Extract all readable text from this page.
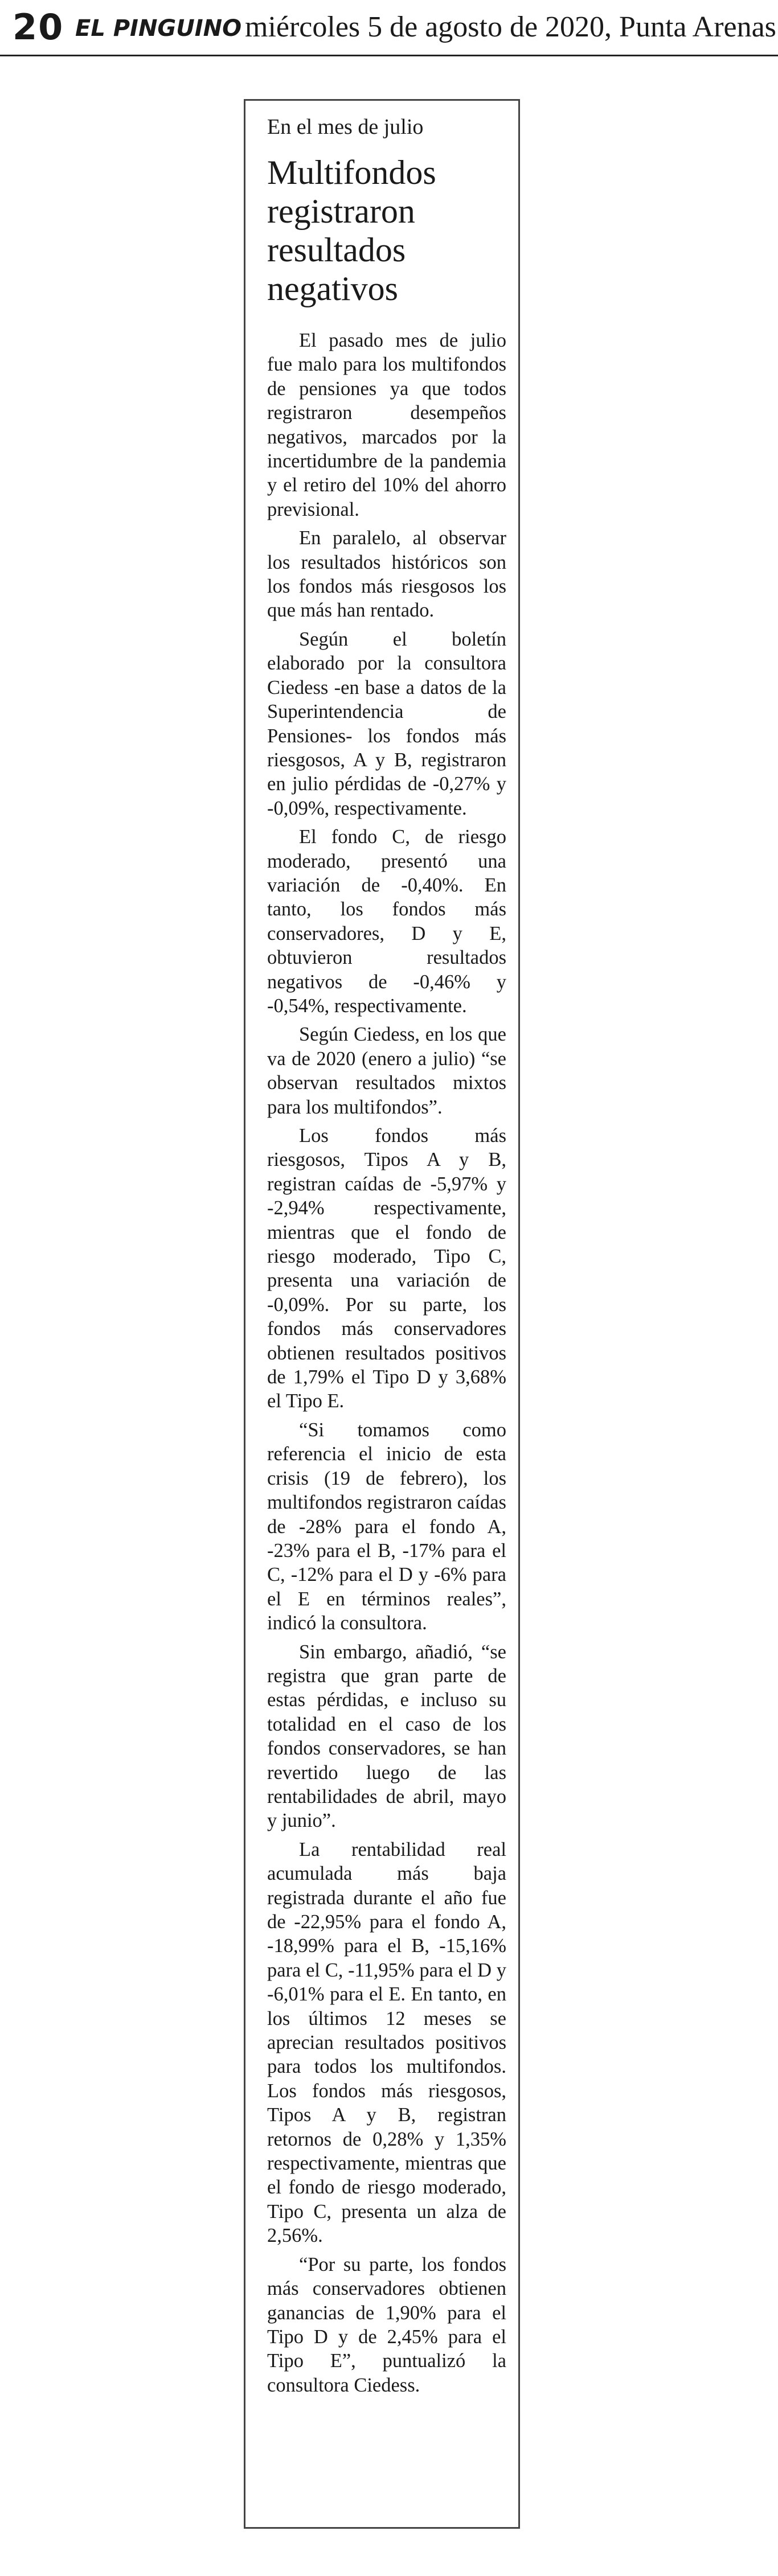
20 EL PINGUINO miércoles 5 de agosto de 2020, Punta Arenas
En el mes de julio
Multifondos
registraron
resultados
negativos

El pasado mes de julio fue malo para los multifondos de pensiones ya que todos registraron desempeños negativos, marcados por la incertidumbre de la pandemia y el retiro del 10% del ahorro previsional.

En paralelo, al observar los resultados históricos son los fondos más riesgosos los que más han rentado.

Según el boletín elaborado por la consultora Ciedess -en base a datos de la Superintendencia de Pensiones- los fondos más riesgosos, A y B, registraron en julio pérdidas de -0,27% y -0,09%, respectivamente.

El fondo C, de riesgo moderado, presentó una variación de -0,40%. En tanto, los fondos más conservadores, D y E, obtuvieron resultados negativos de -0,46% y -0,54%, respectivamente.

Según Ciedess, en los que va de 2020 (enero a julio) “se observan resultados mixtos para los multifondos”.

Los fondos más riesgosos, Tipos A y B, registran caídas de -5,97% y -2,94% respectivamente, mientras que el fondo de riesgo moderado, Tipo C, presenta una variación de -0,09%. Por su parte, los fondos más conservadores obtienen resultados positivos de 1,79% el Tipo D y 3,68% el Tipo E.

“Si tomamos como referencia el inicio de esta crisis (19 de febrero), los multifondos registraron caídas de -28% para el fondo A, -23% para el B, -17% para el C, -12% para el D y -6% para el E en términos reales”, indicó la consultora.

Sin embargo, añadió, “se registra que gran parte de estas pérdidas, e incluso su totalidad en el caso de los fondos conservadores, se han revertido luego de las rentabilidades de abril, mayo y junio”.

La rentabilidad real acumulada más baja registrada durante el año fue de -22,95% para el fondo A, -18,99% para el B, -15,16% para el C, -11,95% para el D y -6,01% para el E. En tanto, en los últimos 12 meses se aprecian resultados positivos para todos los multifondos. Los fondos más riesgosos, Tipos A y B, registran retornos de 0,28% y 1,35% respectivamente, mientras que el fondo de riesgo moderado, Tipo C, presenta un alza de 2,56%.

“Por su parte, los fondos más conservadores obtienen ganancias de 1,90% para el Tipo D y de 2,45% para el Tipo E”, puntualizó la consultora Ciedess.
